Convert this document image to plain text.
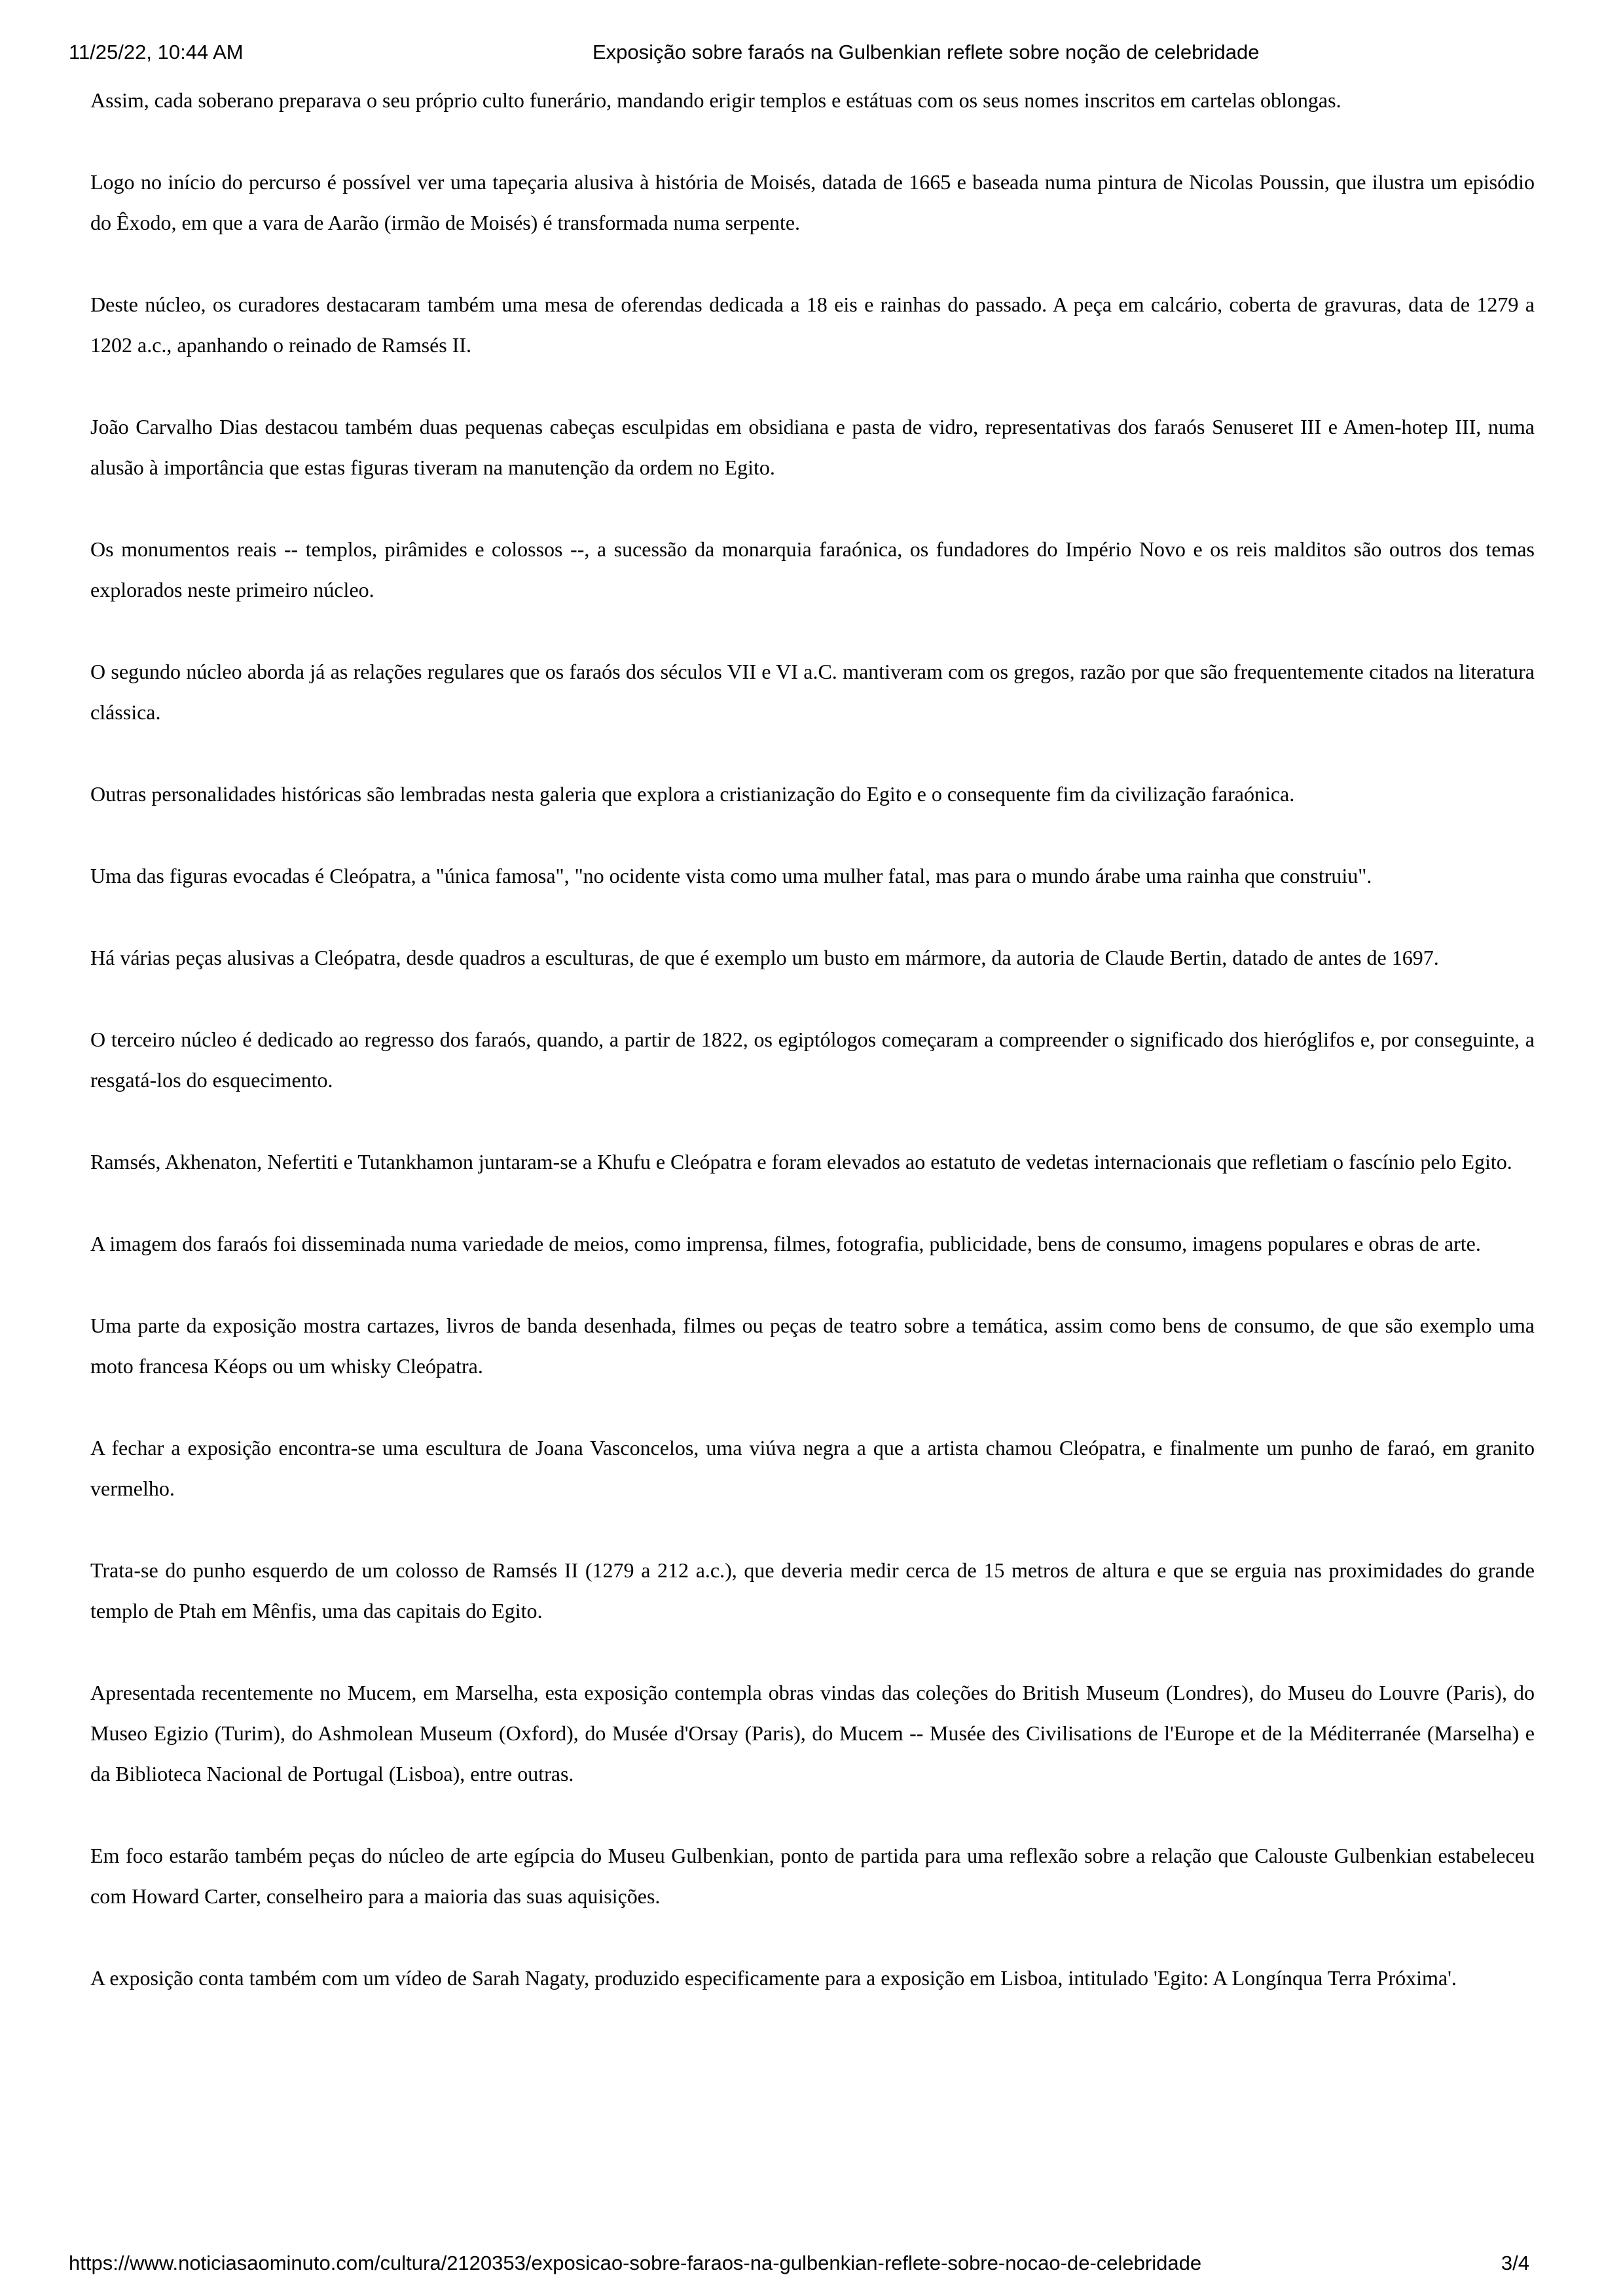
11/25/22, 10:44 AM	Exposição sobre faraós na Gulbenkian reflete sobre noção de celebridade

Assim, cada soberano preparava o seu próprio culto funerário, mandando erigir templos e estátuas com os seus nomes inscritos em cartelas oblongas.

Logo no início do percurso é possível ver uma tapeçaria alusiva à história de Moisés, datada de 1665 e baseada numa pintura de Nicolas Poussin, que ilustra um episódio do Êxodo, em que a vara de Aarão (irmão de Moisés) é transformada numa serpente.

Deste núcleo, os curadores destacaram também uma mesa de oferendas dedicada a 18 eis e rainhas do passado. A peça em calcário, coberta de gravuras, data de 1279 a 1202 a.c., apanhando o reinado de Ramsés II.

João Carvalho Dias destacou também duas pequenas cabeças esculpidas em obsidiana e pasta de vidro, representativas dos faraós Senuseret III e Amen-hotep III, numa alusão à importância que estas figuras tiveram na manutenção da ordem no Egito.

Os monumentos reais -- templos, pirâmides e colossos --, a sucessão da monarquia faraónica, os fundadores do Império Novo e os reis malditos são outros dos temas explorados neste primeiro núcleo.

O segundo núcleo aborda já as relações regulares que os faraós dos séculos VII e VI a.C. mantiveram com os gregos, razão por que são frequentemente citados na literatura clássica.

Outras personalidades históricas são lembradas nesta galeria que explora a cristianização do Egito e o consequente fim da civilização faraónica.

Uma das figuras evocadas é Cleópatra, a "única famosa", "no ocidente vista como uma mulher fatal, mas para o mundo árabe uma rainha que construiu".

Há várias peças alusivas a Cleópatra, desde quadros a esculturas, de que é exemplo um busto em mármore, da autoria de Claude Bertin, datado de antes de 1697.

O terceiro núcleo é dedicado ao regresso dos faraós, quando, a partir de 1822, os egiptólogos começaram a compreender o significado dos hieróglifos e, por conseguinte, a resgatá-los do esquecimento.

Ramsés, Akhenaton, Nefertiti e Tutankhamon juntaram-se a Khufu e Cleópatra e foram elevados ao estatuto de vedetas internacionais que refletiam o fascínio pelo Egito.

A imagem dos faraós foi disseminada numa variedade de meios, como imprensa, filmes, fotografia, publicidade, bens de consumo, imagens populares e obras de arte.

Uma parte da exposição mostra cartazes, livros de banda desenhada, filmes ou peças de teatro sobre a temática, assim como bens de consumo, de que são exemplo uma moto francesa Kéops ou um whisky Cleópatra.

A fechar a exposição encontra-se uma escultura de Joana Vasconcelos, uma viúva negra a que a artista chamou Cleópatra, e finalmente um punho de faraó, em granito vermelho.

Trata-se do punho esquerdo de um colosso de Ramsés II (1279 a 212 a.c.), que deveria medir cerca de 15 metros de altura e que se erguia nas proximidades do grande templo de Ptah em Mênfis, uma das capitais do Egito.

Apresentada recentemente no Mucem, em Marselha, esta exposição contempla obras vindas das coleções do British Museum (Londres), do Museu do Louvre (Paris), do Museo Egizio (Turim), do Ashmolean Museum (Oxford), do Musée d'Orsay (Paris), do Mucem -- Musée des Civilisations de l'Europe et de la Méditerranée (Marselha) e da Biblioteca Nacional de Portugal (Lisboa), entre outras.

Em foco estarão também peças do núcleo de arte egípcia do Museu Gulbenkian, ponto de partida para uma reflexão sobre a relação que Calouste Gulbenkian estabeleceu com Howard Carter, conselheiro para a maioria das suas aquisições.

A exposição conta também com um vídeo de Sarah Nagaty, produzido especificamente para a exposição em Lisboa, intitulado 'Egito: A Longínqua Terra Próxima'.

https://www.noticiasaominuto.com/cultura/2120353/exposicao-sobre-faraos-na-gulbenkian-reflete-sobre-nocao-de-celebridade	3/4
